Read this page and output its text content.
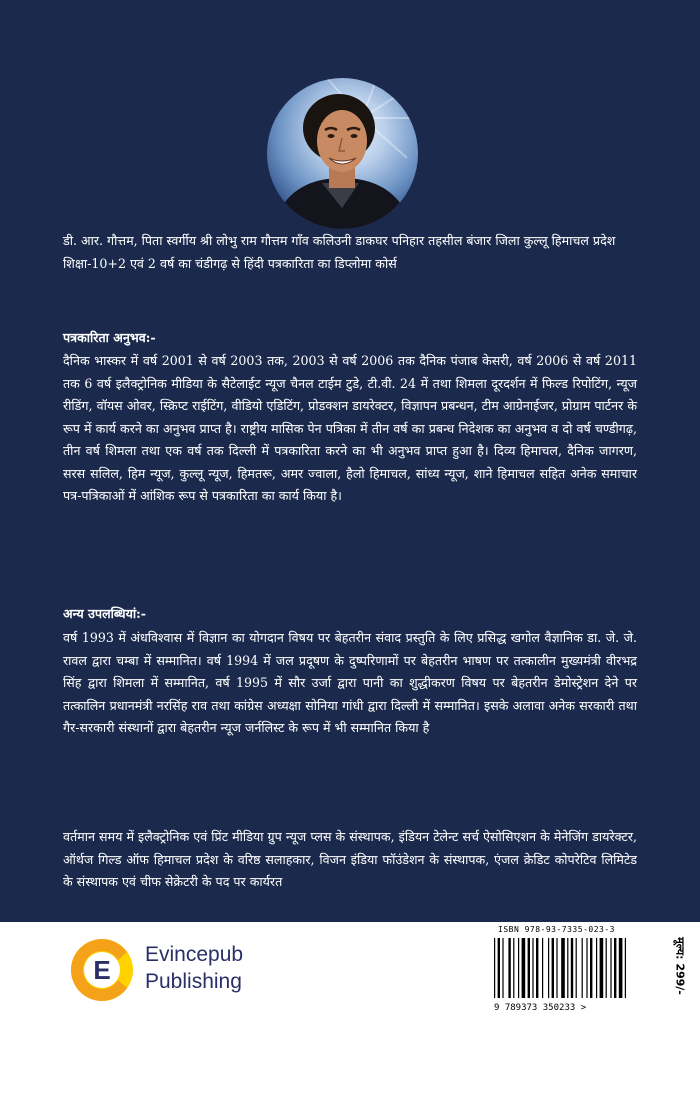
डी. आर. गौत्तम, पिता स्वर्गीय श्री लोभु राम गौत्तम गाँव कलिउनी डाकघर पनिहार तहसील बंजार जिला कुल्लू हिमाचल प्रदेश

शिक्षा-10+2 एवं 2 वर्ष का चंडीगढ़ से हिंदी पत्रकारिता का डिप्लोमा कोर्स

पत्रकारिता अनुभव:-
दैनिक भास्कर में वर्ष 2001 से वर्ष 2003 तक, 2003 से वर्ष 2006 तक दैनिक पंजाब केसरी, वर्ष 2006 से वर्ष 2011 तक 6 वर्ष इलैक्ट्रोनिक मीडिया के सैटेलाईट न्यूज चैनल टाईम टुडे, टी.वी. 24 में तथा शिमला दूरदर्शन में फिल्ड रिपोटिंग, न्यूज रीडिंग, वॉयस ओवर, स्क्रिप्ट राईटिंग, वीडियो एडिटिंग, प्रोडक्शन डायरेक्टर, विज्ञापन प्रबन्धन, टीम आग्रेनाईजर, प्रोग्राम पार्टनर के रूप में कार्य करने का अनुभव प्राप्त है। राष्ट्रीय मासिक पेन पत्रिका में तीन वर्ष का प्रबन्ध निदेशक का अनुभव व दो वर्ष चण्डीगढ़, तीन वर्ष शिमला तथा एक वर्ष तक दिल्ली में पत्रकारिता करने का भी अनुभव प्राप्त हुआ है। दिव्य हिमाचल, दैनिक जागरण, सरस सलिल, हिम न्यूज, कुल्लू न्यूज, हिमतरू, अमर ज्वाला, हैलो हिमाचल, सांध्य न्यूज, शाने हिमाचल सहित अनेक समाचार पत्र-पत्रिकाओं में आंशिक रूप से पत्रकारिता का कार्य किया है।
अन्य उपलब्धियां:-
वर्ष 1993 में अंधविश्वास में विज्ञान का योगदान विषय पर बेहतरीन संवाद प्रस्तुति के लिए प्रसिद्ध खगोल वैज्ञानिक डा. जे. जे. रावल द्वारा चम्बा में सम्मानित। वर्ष 1994 में जल प्रदूषण के दुष्परिणामों पर बेहतरीन भाषण पर तत्कालीन मुख्यमंत्री वीरभद्र सिंह द्वारा शिमला में सम्मानित, वर्ष 1995 में सौर उर्जा द्वारा पानी का शुद्धीकरण विषय पर बेहतरीन डेमोस्ट्रेशन देने पर तत्कालिन प्रधानमंत्री नरसिंह राव तथा कांग्रेस अध्यक्षा सोनिया गांधी द्वारा दिल्ली में सम्मानित। इसके अलावा अनेक सरकारी तथा गैर-सरकारी संस्थानों द्वारा बेहतरीन न्यूज जर्नलिस्ट के रूप में भी सम्मानित किया है
वर्तमान समय में इलैक्ट्रोनिक एवं प्रिंट मीडिया ग्रुप न्यूज प्लस के संस्थापक, इंडियन टेलेन्ट सर्च ऐसोसिएशन के मेनेजिंग डायरेक्टर, ऑर्थज गिल्ड ऑफ हिमाचल प्रदेश के वरिष्ठ सलाहकार, विजन इंडिया फॉउंडेशन के संस्थापक, एंजल क्रेडिट कोपरेटिव लिमिटेड के संस्थापक एवं चीफ सेक्रेटरी के पद पर कार्यरत
E
Evincepub
Publishing
ISBN 978-93-7335-023-3
9 789373 350233 >
मूल्य: 299/-
